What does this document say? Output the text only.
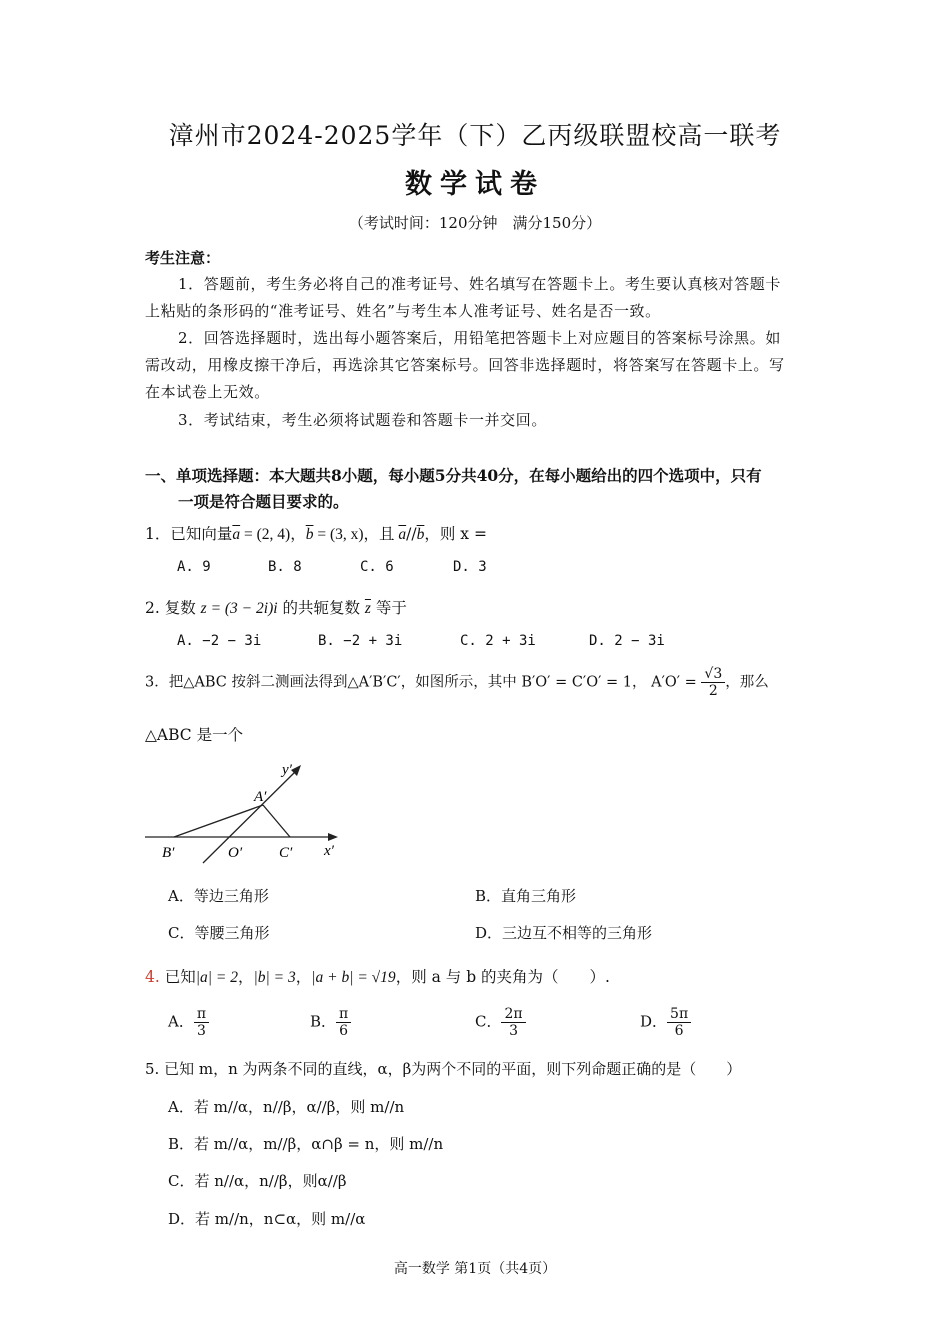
漳州市2024-2025学年（下）乙丙级联盟校高一联考
数学试卷
（考试时间：120分钟　满分150分）
考生注意：
1．答题前，考生务必将自己的准考证号、姓名填写在答题卡上。考生要认真核对答题卡
上粘贴的条形码的“准考证号、姓名”与考生本人准考证号、姓名是否一致。
2．回答选择题时，选出每小题答案后，用铅笔把答题卡上对应题目的答案标号涂黑。如
需改动，用橡皮擦干净后，再选涂其它答案标号。回答非选择题时，将答案写在答题卡上。写
在本试卷上无效。
3．考试结束，考生必须将试题卷和答题卡一并交回。
一、单项选择题：本大题共8小题，每小题5分共40分，在每小题给出的四个选项中，只有
一项是符合题目要求的。
1．已知向量$\overline{a} = (2$, 4)，$\overline{b} = (3$, x)，且 $\overline{a}//\overline{b}$，则 x =
A. 9	B. 8	C. 6	D. 3
2. 复数 z = (3 − 2i)i 的共轭复数 $\overline{z}$ 等于
A. −2 − 3i	B. −2 + 3i	C. 2 + 3i	D. 2 − 3i
3．把△ABC 按斜二测画法得到△A′B′C′，如图所示，其中 B′O′ = C′O′ = 1， $A'O' = \frac{√3}{2}$ ，那么
△ABC 是一个
y′
A′
B′	O′ C′ x′
A．等边三角形	B．直角三角形
C．等腰三角形	D．三边互不相等的三角形
4. 已知|a| = 2，|b| = 3，|a + b| = √19，则 a 与 b 的夹角为（　　）.
A． $\frac{\pi}{3}$	B． $\frac{\pi}{6}$	C． $\frac{2\pi}{3}$	D． $\frac{5\pi}{6}$
5. 已知 m，n 为两条不同的直线，α，β为两个不同的平面，则下列命题正确的是（　　）
A．若 m//α，n//β，α//β，则 m//n
B．若 m//α，m//β，α∩β = n，则 m//n
C．若 n//α，n//β，则α//β
D．若 m//n，n⊂α，则 m//α
高一数学 第1页（共4页）
